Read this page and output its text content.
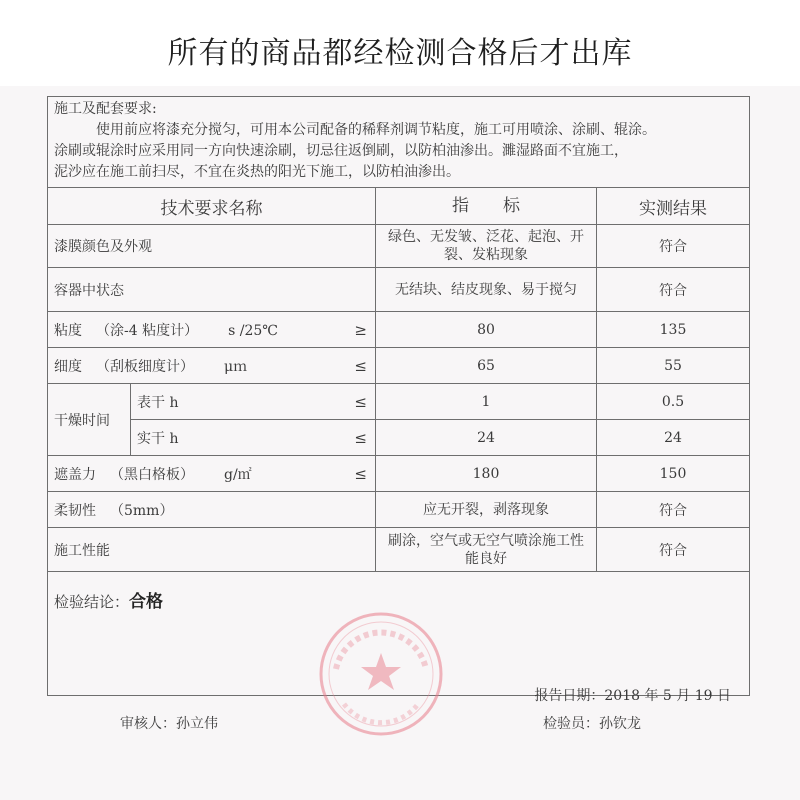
所有的商品都经检测合格后才出库
施工及配套要求:
使用前应将漆充分搅匀，可用本公司配备的稀释剂调节粘度，施工可用喷涂、涂刷、辊涂。
涂刷或辊涂时应采用同一方向快速涂刷，切忌往返倒刷，以防柏油渗出。濉湿路面不宜施工，
泥沙应在施工前扫尽，不宜在炎热的阳光下施工，以防柏油渗出。
技术要求名称		指　　标	实测结果
漆膜颜色及外观		绿色、无发皱、泛花、起泡、开裂、发粘现象	符合
容器中状态		无结块、结皮现象、易于搅匀	符合
粘度 （涂-4 粘度计） s /25℃ ≥		80	135
细度 （刮板细度计） μｍ ≤		65	55
干燥时间	表干 h ≤	1	0.5
	实干 h ≤	24	24
遮盖力 （黑白格板） g/㎡ ≤		180	150
柔韧性 （5mm）		应无开裂，剥落现象	符合
施工性能		刷涂，空气或无空气喷涂施工性能良好	符合
检验结论：合格
报告日期：2018 年 5 月 19 日
审核人：孙立伟	检验员：孙钦龙
